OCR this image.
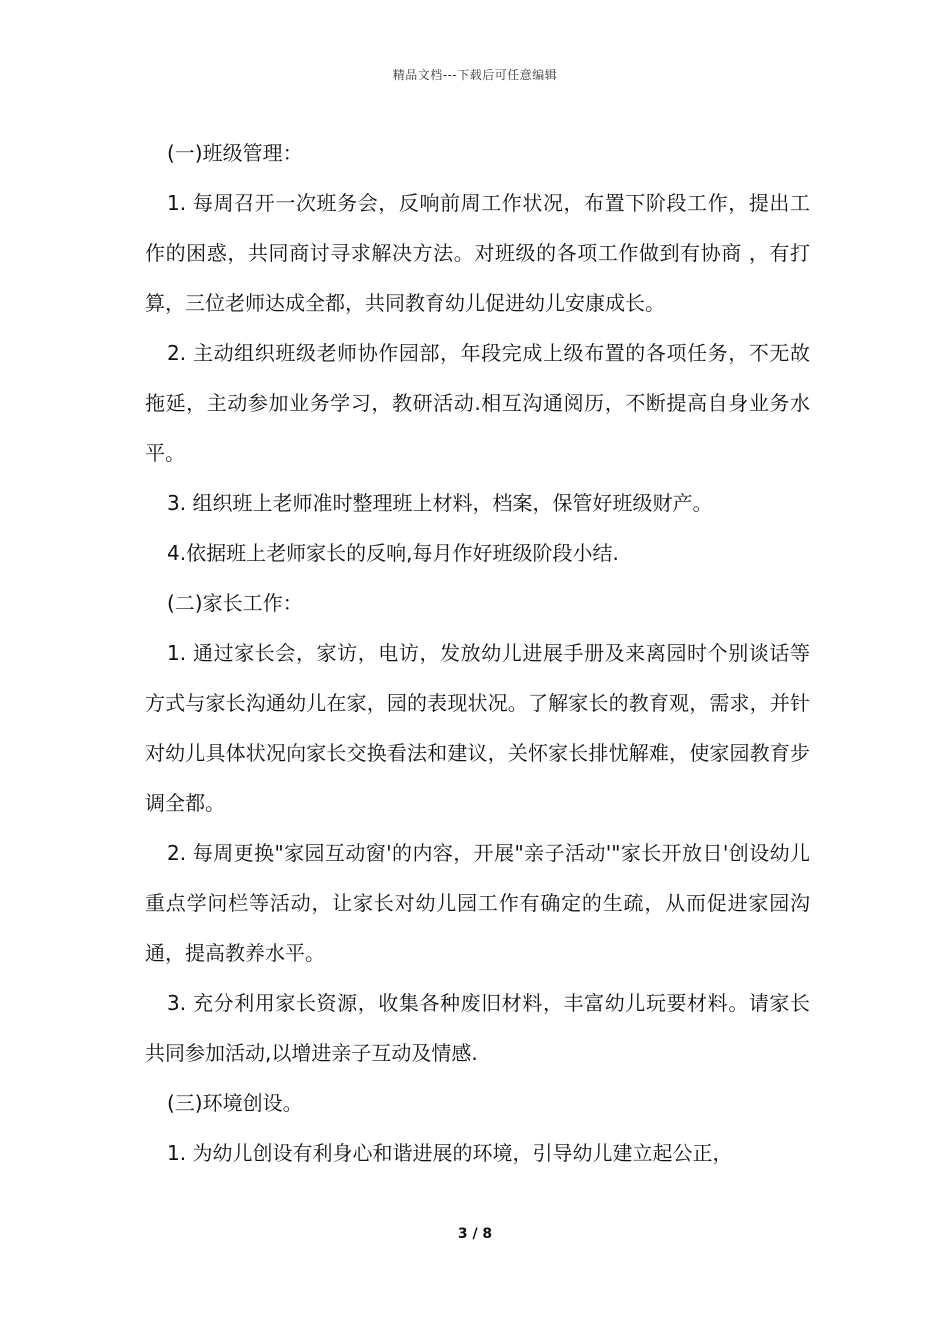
精品文档---下载后可任意编辑

(一)班级管理：

1. 每周召开一次班务会，反响前周工作状况，布置下阶段工作，提出工作的困惑，共同商讨寻求解决方法。对班级的各项工作做到有协商 ，有打算，三位老师达成全都，共同教育幼儿促进幼儿安康成长。

2. 主动组织班级老师协作园部，年段完成上级布置的各项任务，不无故拖延，主动参加业务学习，教研活动.相互沟通阅历，不断提高自身业务水平。

3. 组织班上老师准时整理班上材料，档案，保管好班级财产。

4.依据班上老师家长的反响,每月作好班级阶段小结.

(二)家长工作：

1. 通过家长会，家访，电访，发放幼儿进展手册及来离园时个别谈话等方式与家长沟通幼儿在家，园的表现状况。了解家长的教育观，需求，并针对幼儿具体状况向家长交换看法和建议，关怀家长排忧解难，使家园教育步调全都。

2. 每周更换"家园互动窗'的内容，开展"亲子活动'"家长开放日'创设幼儿重点学问栏等活动，让家长对幼儿园工作有确定的生疏，从而促进家园沟通，提高教养水平。

3. 充分利用家长资源，收集各种废旧材料，丰富幼儿玩要材料。请家长共同参加活动,以增进亲子互动及情感.

(三)环境创设。

1. 为幼儿创设有利身心和谐进展的环境，引导幼儿建立起公正，

3 / 8
